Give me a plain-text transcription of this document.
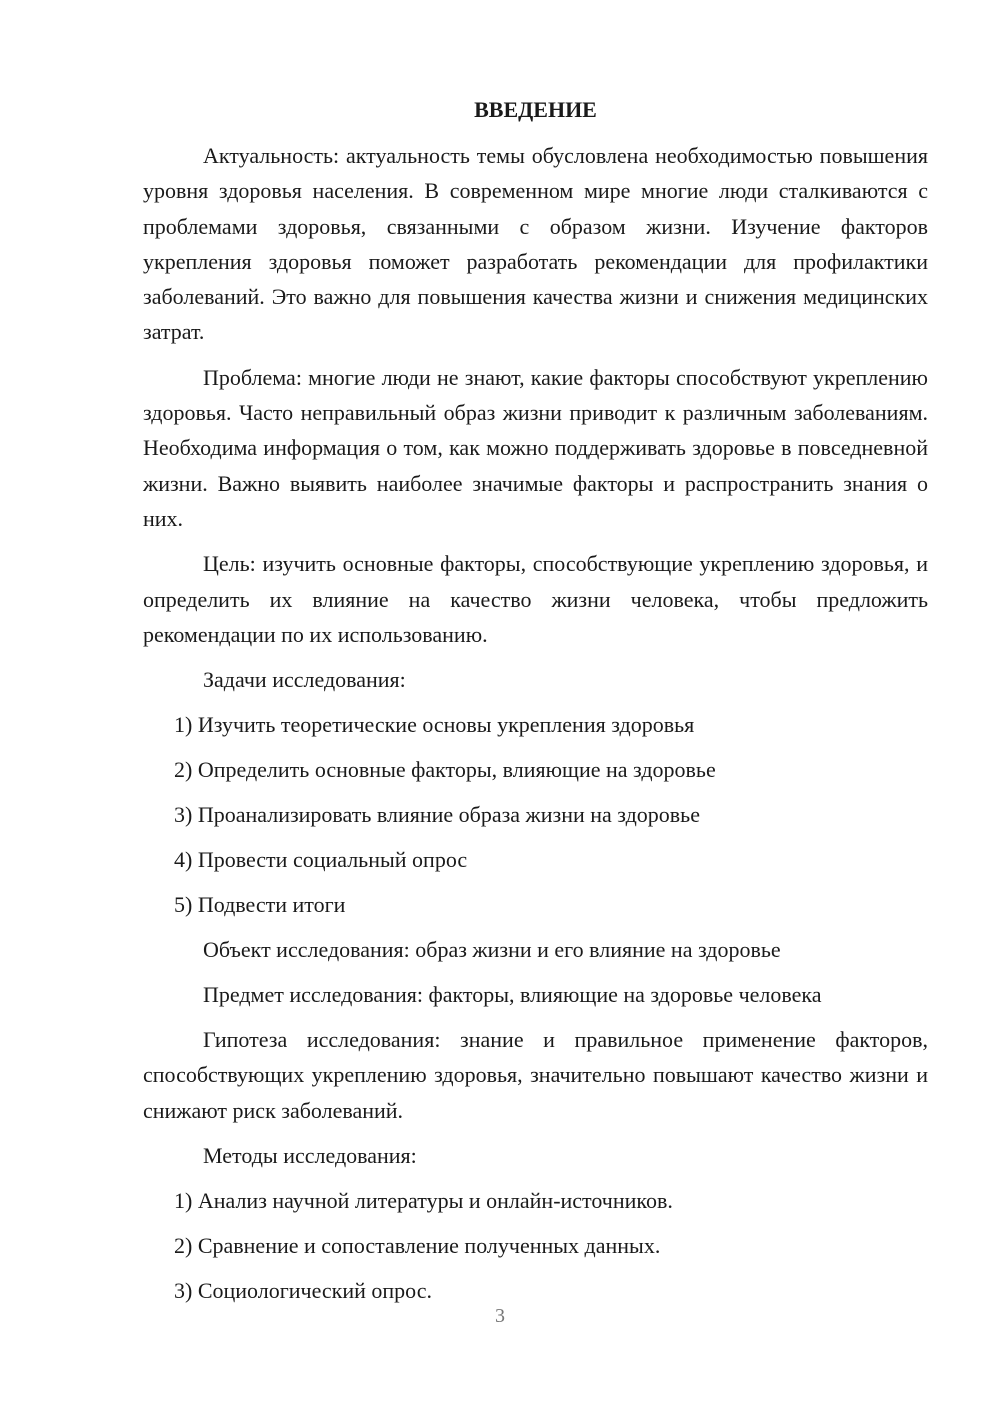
ВВЕДЕНИЕ

Актуальность: актуальность темы обусловлена необходимостью повышения уровня здоровья населения. В современном мире многие люди сталкиваются с проблемами здоровья, связанными с образом жизни. Изучение факторов укрепления здоровья поможет разработать рекомендации для профилактики заболеваний. Это важно для повышения качества жизни и снижения медицинских затрат.

Проблема: многие люди не знают, какие факторы способствуют укреплению здоровья. Часто неправильный образ жизни приводит к различным заболеваниям. Необходима информация о том, как можно поддерживать здоровье в повседневной жизни. Важно выявить наиболее значимые факторы и распространить знания о них.

Цель: изучить основные факторы, способствующие укреплению здоровья, и определить их влияние на качество жизни человека, чтобы предложить рекомендации по их использованию.

Задачи исследования:
1) Изучить теоретические основы укрепления здоровья
2) Определить основные факторы, влияющие на здоровье
3) Проанализировать влияние образа жизни на здоровье
4) Провести социальный опрос
5) Подвести итоги
Объект исследования: образ жизни и его влияние на здоровье
Предмет исследования: факторы, влияющие на здоровье человека

Гипотеза исследования: знание и правильное применение факторов, способствующих укреплению здоровья, значительно повышают качество жизни и снижают риск заболеваний.

Методы исследования:
1) Анализ научной литературы и онлайн-источников.
2) Сравнение и сопоставление полученных данных.
3) Социологический опрос.
3
